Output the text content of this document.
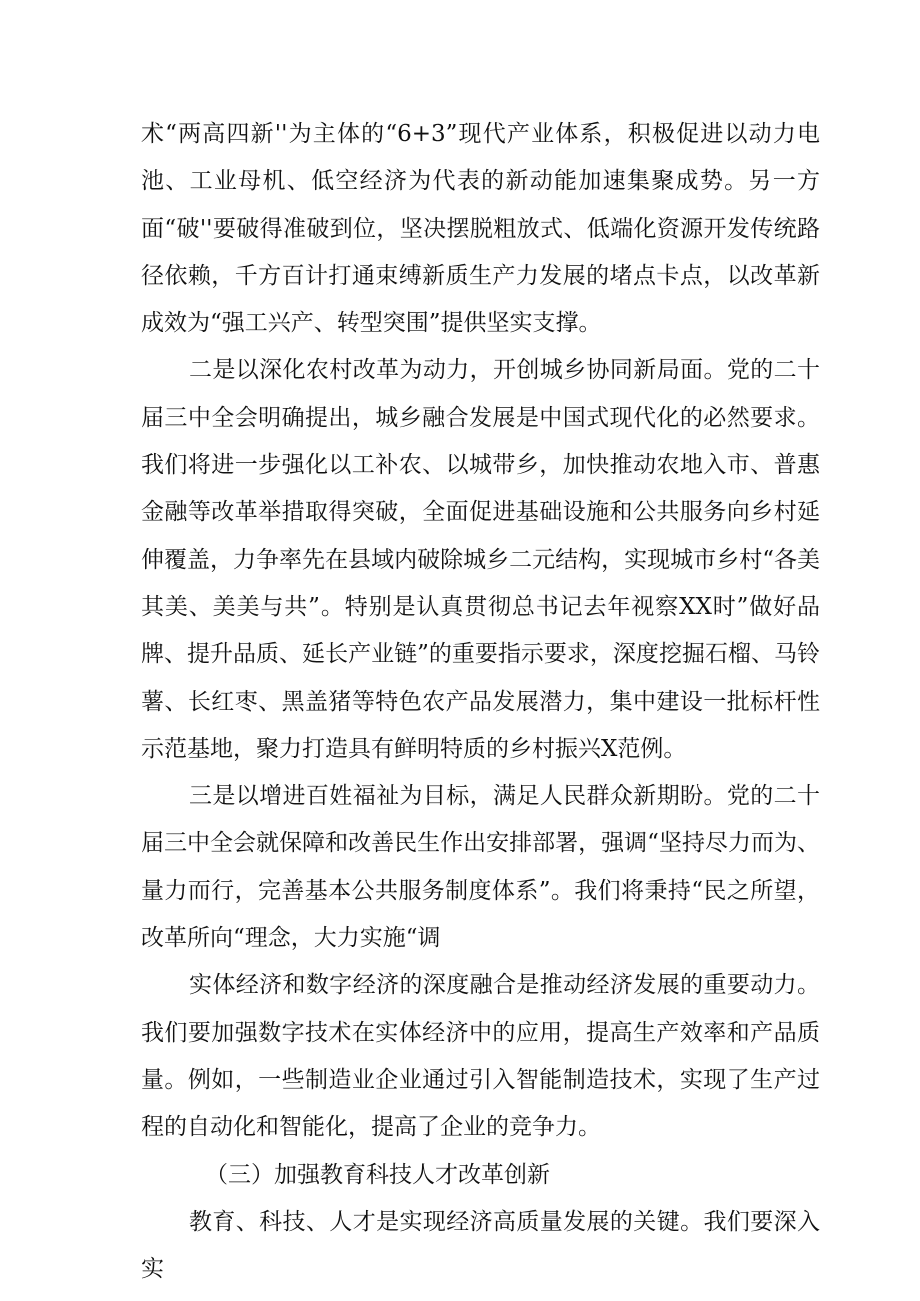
术“两高四新''为主体的“6+3”现代产业体系，积极促进以动力电池、工业母机、低空经济为代表的新动能加速集聚成势。另一方面“破''要破得准破到位，坚决摆脱粗放式、低端化资源开发传统路径依赖，千方百计打通束缚新质生产力发展的堵点卡点，以改革新成效为“强工兴产、转型突围”提供坚实支撑。

二是以深化农村改革为动力，开创城乡协同新局面。党的二十届三中全会明确提出，城乡融合发展是中国式现代化的必然要求。我们将进一步强化以工补农、以城带乡，加快推动农地入市、普惠金融等改革举措取得突破，全面促进基础设施和公共服务向乡村延伸覆盖，力争率先在县域内破除城乡二元结构，实现城市乡村“各美其美、美美与共”。特别是认真贯彻总书记去年视察XX时”做好品牌、提升品质、延长产业链”的重要指示要求，深度挖掘石榴、马铃薯、长红枣、黑盖猪等特色农产品发展潜力，集中建设一批标杆性示范基地，聚力打造具有鲜明特质的乡村振兴X范例。

三是以增进百姓福祉为目标，满足人民群众新期盼。党的二十届三中全会就保障和改善民生作出安排部署，强调“坚持尽力而为、量力而行，完善基本公共服务制度体系”。我们将秉持“民之所望，改革所向“理念，大力实施“调

实体经济和数字经济的深度融合是推动经济发展的重要动力。我们要加强数字技术在实体经济中的应用，提高生产效率和产品质量。例如，一些制造业企业通过引入智能制造技术，实现了生产过程的自动化和智能化，提高了企业的竞争力。

（三）加强教育科技人才改革创新

教育、科技、人才是实现经济高质量发展的关键。我们要深入实
